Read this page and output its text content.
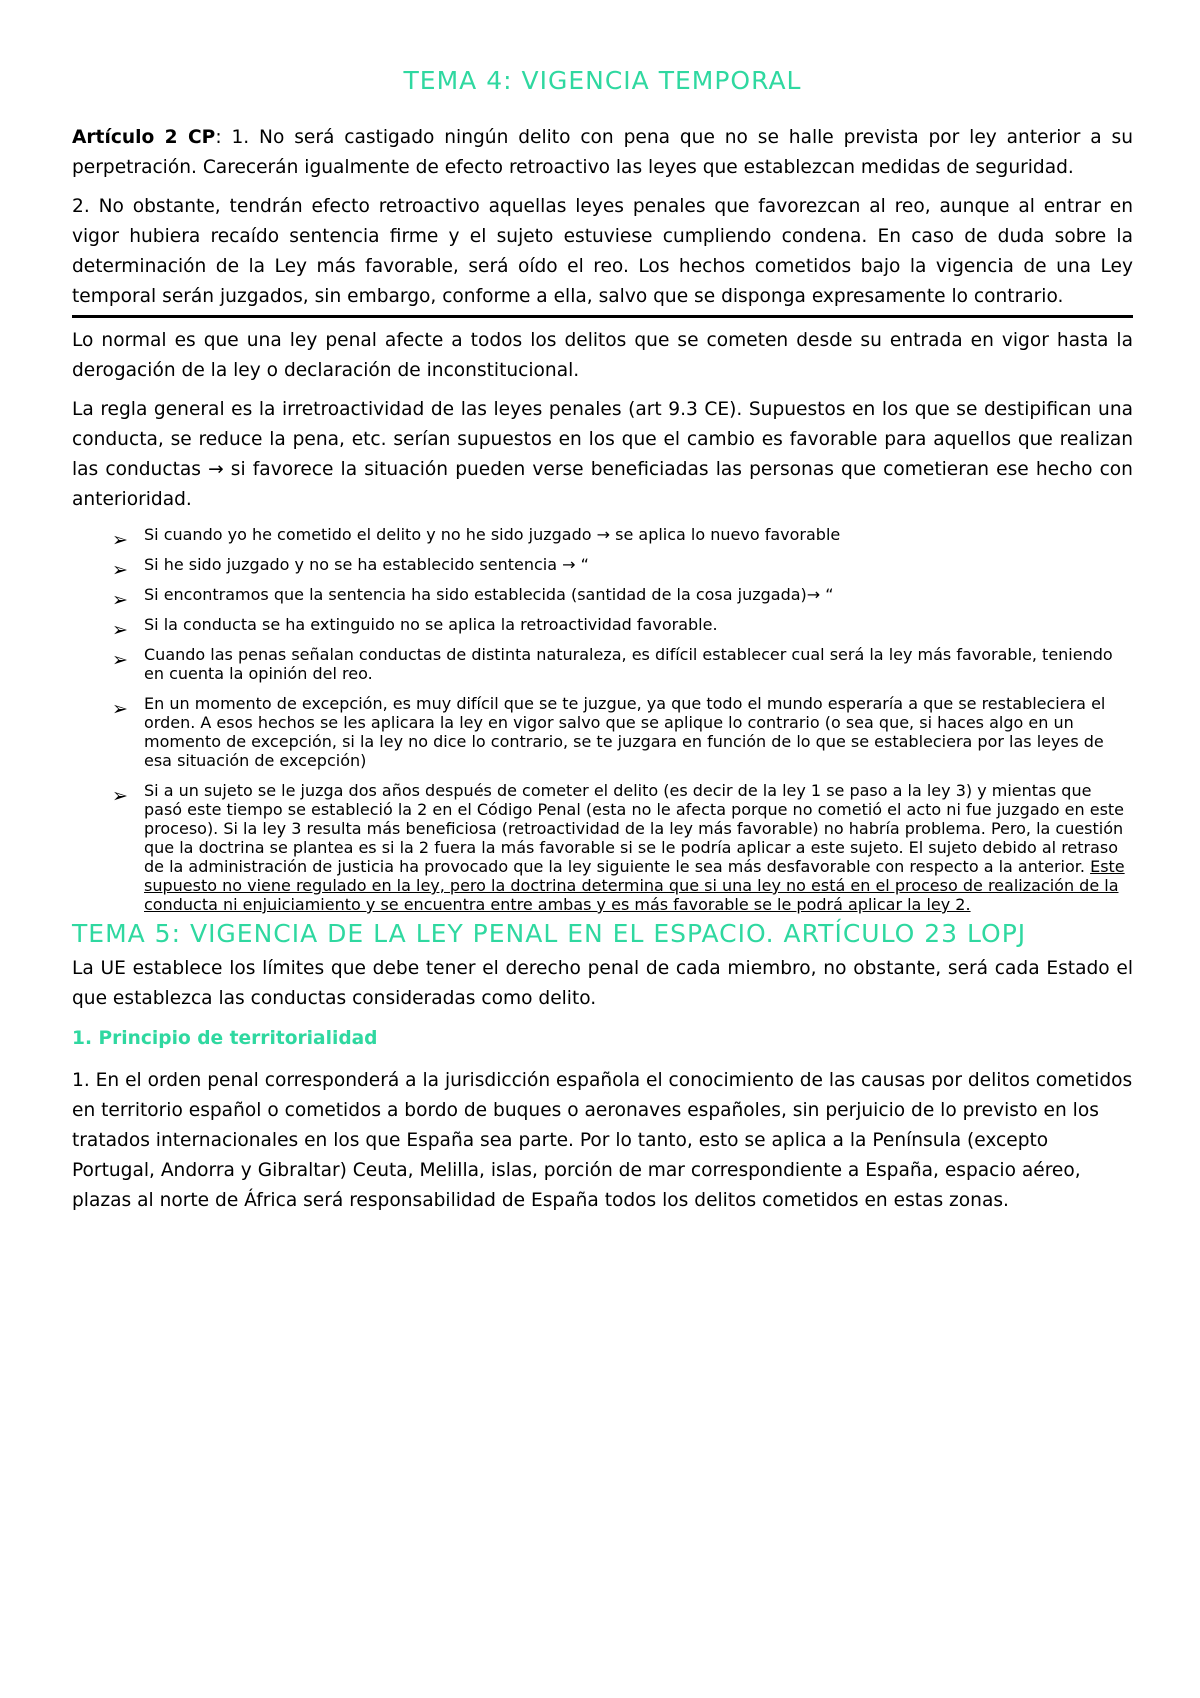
TEMA 4: VIGENCIA TEMPORAL

Artículo 2 CP: 1. No será castigado ningún delito con pena que no se halle prevista por ley anterior a su perpetración. Carecerán igualmente de efecto retroactivo las leyes que establezcan medidas de seguridad.

2. No obstante, tendrán efecto retroactivo aquellas leyes penales que favorezcan al reo, aunque al entrar en vigor hubiera recaído sentencia firme y el sujeto estuviese cumpliendo condena. En caso de duda sobre la determinación de la Ley más favorable, será oído el reo. Los hechos cometidos bajo la vigencia de una Ley temporal serán juzgados, sin embargo, conforme a ella, salvo que se disponga expresamente lo contrario.

Lo normal es que una ley penal afecte a todos los delitos que se cometen desde su entrada en vigor hasta la derogación de la ley o declaración de inconstitucional.

La regla general es la irretroactividad de las leyes penales (art 9.3 CE). Supuestos en los que se destipifican una conducta, se reduce la pena, etc. serían supuestos en los que el cambio es favorable para aquellos que realizan las conductas → si favorece la situación pueden verse beneficiadas las personas que cometieran ese hecho con anterioridad.

➢ Si cuando yo he cometido el delito y no he sido juzgado → se aplica lo nuevo favorable
➢ Si he sido juzgado y no se ha establecido sentencia → “
➢ Si encontramos que la sentencia ha sido establecida (santidad de la cosa juzgada)→ “
➢ Si la conducta se ha extinguido no se aplica la retroactividad favorable.
➢ Cuando las penas señalan conductas de distinta naturaleza, es difícil establecer cual será la ley más favorable, teniendo en cuenta la opinión del reo.
➢ En un momento de excepción, es muy difícil que se te juzgue, ya que todo el mundo esperaría a que se restableciera el orden. A esos hechos se les aplicara la ley en vigor salvo que se aplique lo contrario (o sea que, si haces algo en un momento de excepción, si la ley no dice lo contrario, se te juzgara en función de lo que se estableciera por las leyes de esa situación de excepción)
➢ Si a un sujeto se le juzga dos años después de cometer el delito (es decir de la ley 1 se paso a la ley 3) y mientas que pasó este tiempo se estableció la 2 en el Código Penal (esta no le afecta porque no cometió el acto ni fue juzgado en este proceso). Si la ley 3 resulta más beneficiosa (retroactividad de la ley más favorable) no habría problema. Pero, la cuestión que la doctrina se plantea es si la 2 fuera la más favorable si se le podría aplicar a este sujeto. El sujeto debido al retraso de la administración de justicia ha provocado que la ley siguiente le sea más desfavorable con respecto a la anterior. Este supuesto no viene regulado en la ley, pero la doctrina determina que si una ley no está en el proceso de realización de la conducta ni enjuiciamiento y se encuentra entre ambas y es más favorable se le podrá aplicar la ley 2.
TEMA 5: VIGENCIA DE LA LEY PENAL EN EL ESPACIO. ARTÍCULO 23 LOPJ

La UE establece los límites que debe tener el derecho penal de cada miembro, no obstante, será cada Estado el que establezca las conductas consideradas como delito.

1. Principio de territorialidad

1. En el orden penal corresponderá a la jurisdicción española el conocimiento de las causas por delitos cometidos en territorio español o cometidos a bordo de buques o aeronaves españoles, sin perjuicio de lo previsto en los tratados internacionales en los que España sea parte. Por lo tanto, esto se aplica a la Península (excepto Portugal, Andorra y Gibraltar) Ceuta, Melilla, islas, porción de mar correspondiente a España, espacio aéreo, plazas al norte de África será responsabilidad de España todos los delitos cometidos en estas zonas.
